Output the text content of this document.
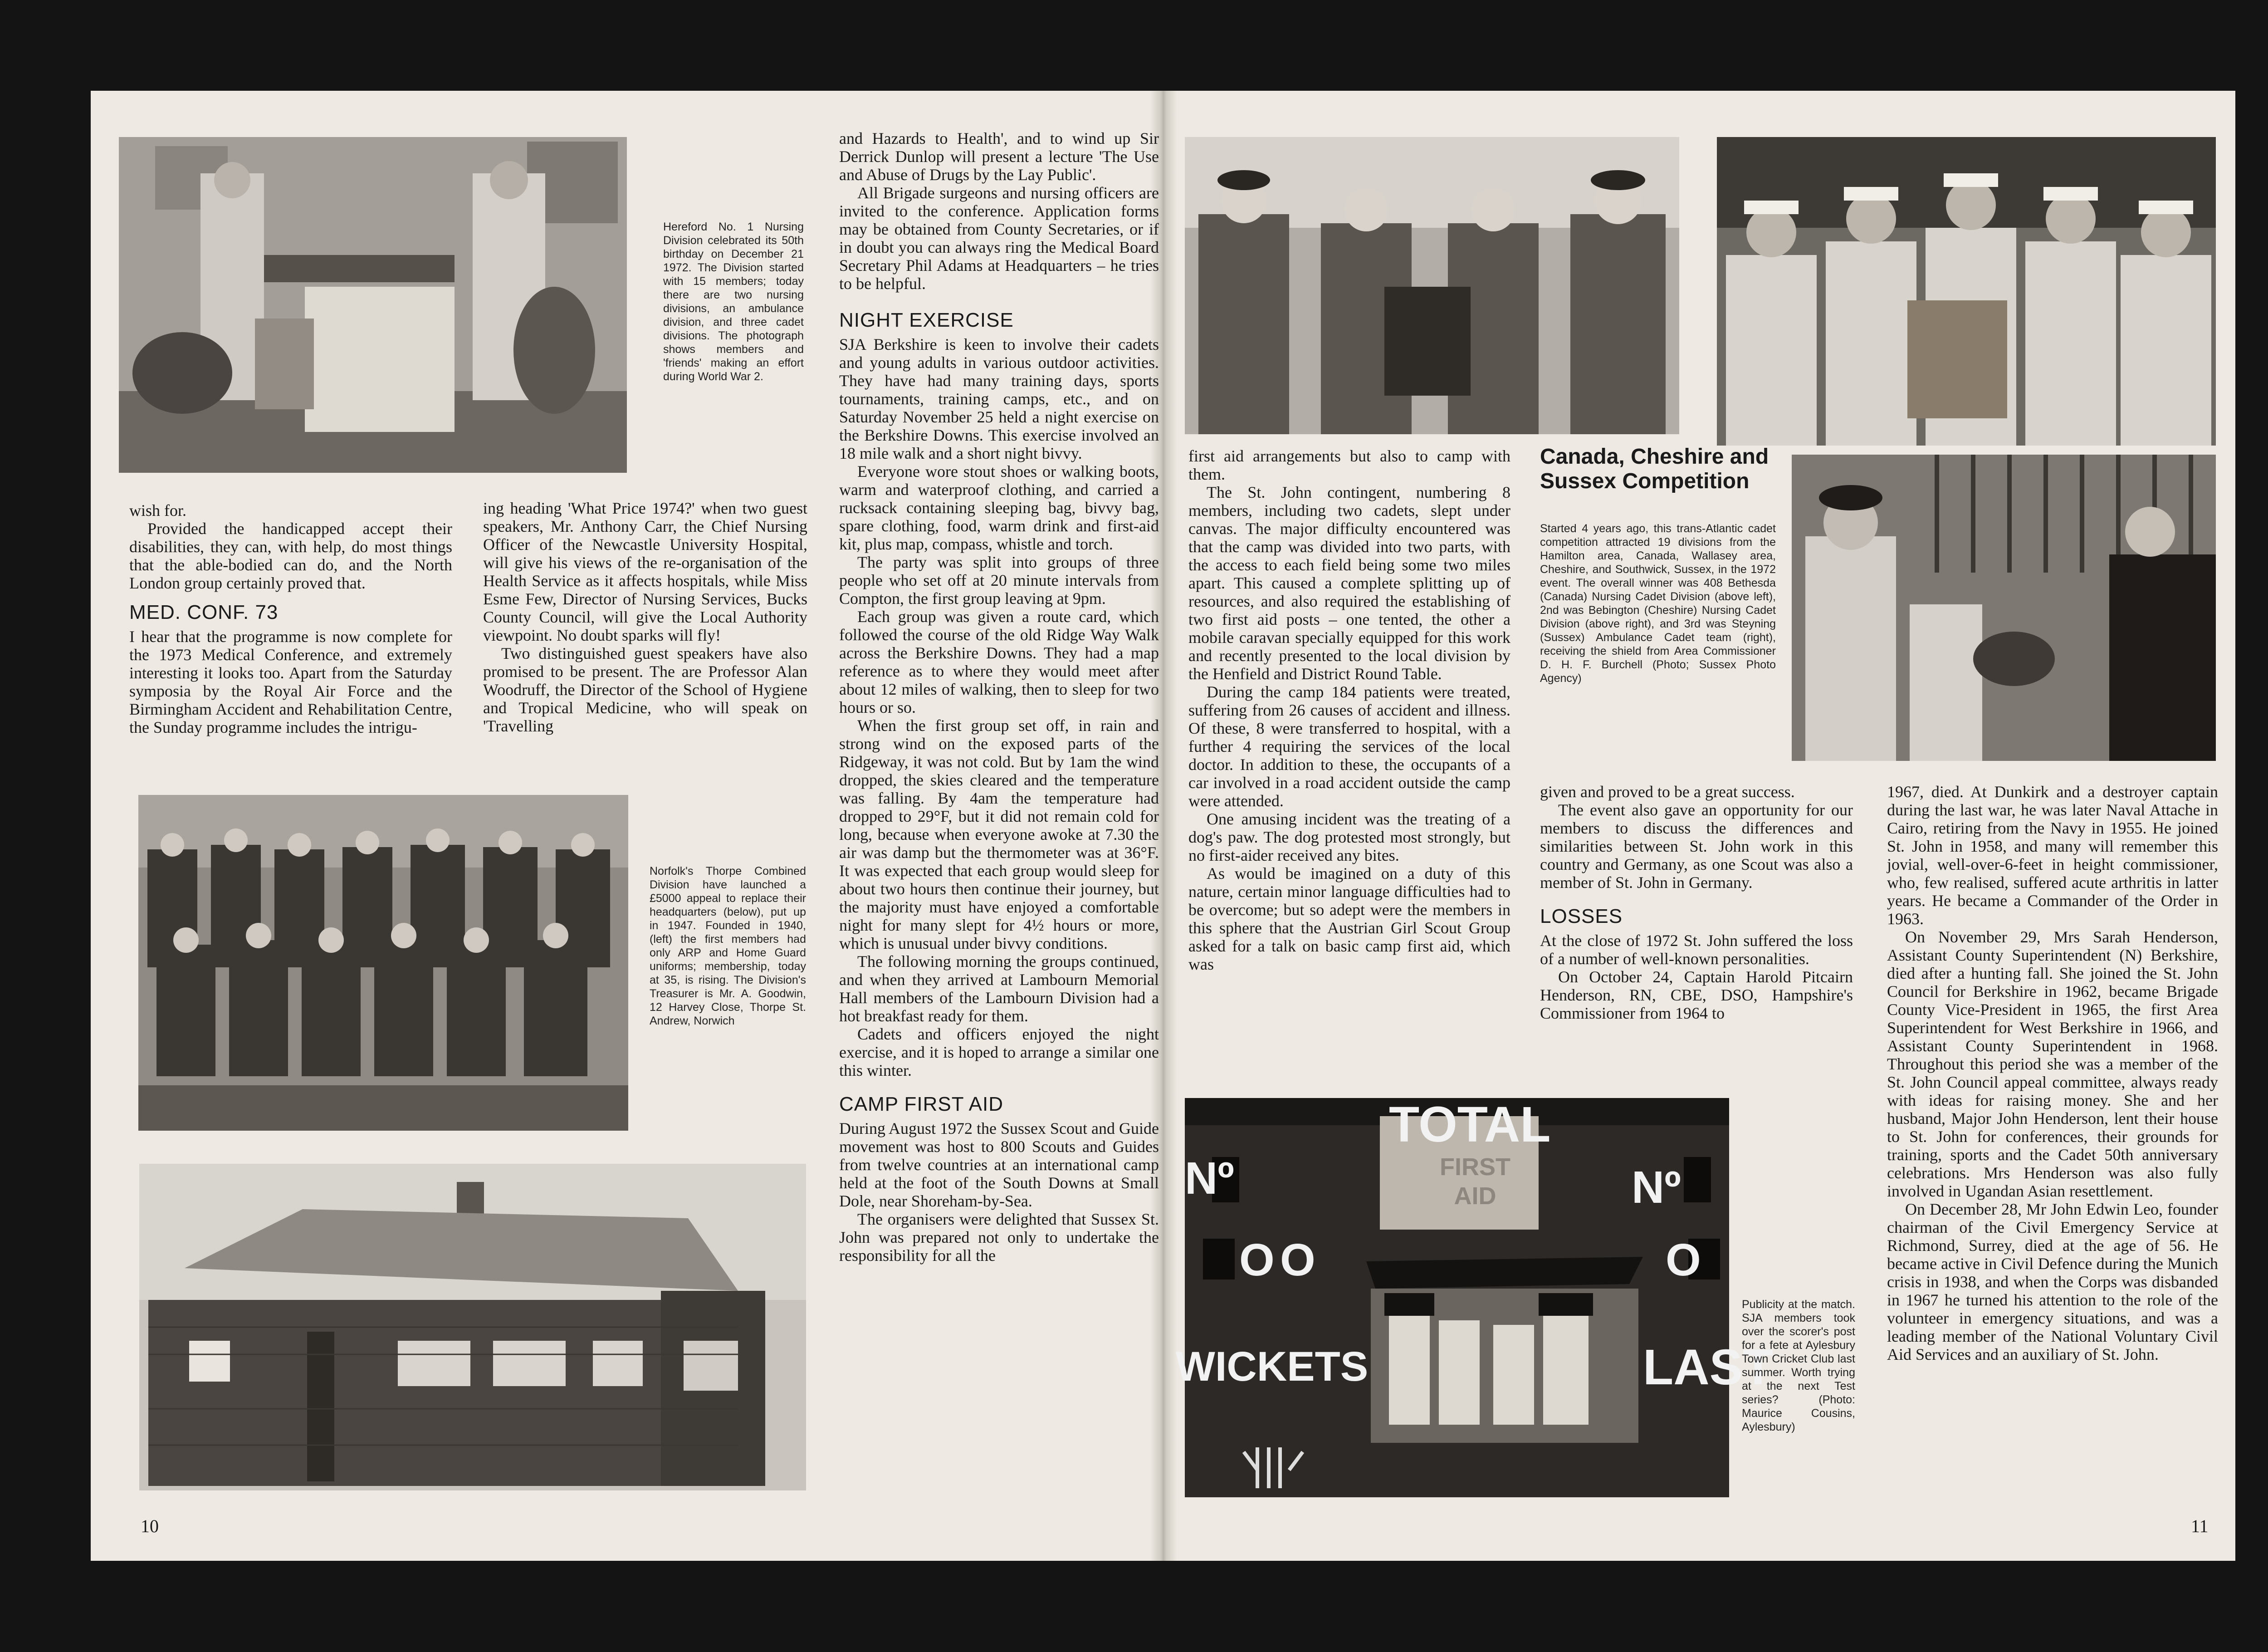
Hereford No. 1 Nursing Division celebrated its 50th birthday on December 21 1972. The Division started with 15 members; today there are two nursing divisions, an ambulance division, and three cadet divisions. The photograph shows members and 'friends' making an effort during World War 2.

wish for.

Provided the handicapped accept their disabilities, they can, with help, do most things that the able-bodied can do, and the North London group certainly proved that.

MED. CONF. 73

I hear that the programme is now complete for the 1973 Medical Conference, and extremely interesting it looks too. Apart from the Saturday symposia by the Royal Air Force and the Birmingham Accident and Rehabilitation Centre, the Sunday programme includes the intrigu-

ing heading 'What Price 1974?' when two guest speakers, Mr. Anthony Carr, the Chief Nursing Officer of the Newcastle University Hospital, will give his views of the re-organisation of the Health Service as it affects hospitals, while Miss Esme Few, Director of Nursing Services, Bucks County Council, will give the Local Authority viewpoint. No doubt sparks will fly!

Two distinguished guest speakers have also promised to be present. The are Professor Alan Woodruff, the Director of the School of Hygiene and Tropical Medicine, who will speak on 'Travelling

Norfolk's Thorpe Combined Division have launched a £5000 appeal to replace their headquarters (below), put up in 1947. Founded in 1940, (left) the first members had only ARP and Home Guard uniforms; membership, today at 35, is rising. The Division's Treasurer is Mr. A. Goodwin, 12 Harvey Close, Thorpe St. Andrew, Norwich

and Hazards to Health', and to wind up Sir Derrick Dunlop will present a lecture 'The Use and Abuse of Drugs by the Lay Public'.

All Brigade surgeons and nursing officers are invited to the conference. Application forms may be obtained from County Secretaries, or if in doubt you can always ring the Medical Board Secretary Phil Adams at Headquarters – he tries to be helpful.

NIGHT EXERCISE

SJA Berkshire is keen to involve their cadets and young adults in various outdoor activities. They have had many training days, sports tournaments, training camps, etc., and on Saturday November 25 held a night exercise on the Berkshire Downs. This exercise involved an 18 mile walk and a short night bivvy.

Everyone wore stout shoes or walking boots, warm and waterproof clothing, and carried a rucksack containing sleeping bag, bivvy bag, spare clothing, food, warm drink and first-aid kit, plus map, compass, whistle and torch.

The party was split into groups of three people who set off at 20 minute intervals from Compton, the first group leaving at 9pm.

Each group was given a route card, which followed the course of the old Ridge Way Walk across the Berkshire Downs. They had a map reference as to where they would meet after about 12 miles of walking, then to sleep for two hours or so.

When the first group set off, in rain and strong wind on the exposed parts of the Ridgeway, it was not cold. But by 1am the wind dropped, the skies cleared and the temperature was falling. By 4am the temperature had dropped to 29°F, but it did not remain cold for long, because when everyone awoke at 7.30 the air was damp but the thermometer was at 36°F. It was expected that each group would sleep for about two hours then continue their journey, but the majority must have enjoyed a comfortable night for many slept for 4½ hours or more, which is unusual under bivvy conditions.

The following morning the groups continued, and when they arrived at Lambourn Memorial Hall members of the Lambourn Division had a hot breakfast ready for them.

Cadets and officers enjoyed the night exercise, and it is hoped to arrange a similar one this winter.

CAMP FIRST AID

During August 1972 the Sussex Scout and Guide movement was host to 800 Scouts and Guides from twelve countries at an international camp held at the foot of the South Downs at Small Dole, near Shoreham-by-Sea.

The organisers were delighted that Sussex St. John was prepared not only to undertake the responsibility for all the

10
Canada, Cheshire and Sussex Competition
Started 4 years ago, this trans-Atlantic cadet competition attracted 19 divisions from the Hamilton area, Canada, Wallasey area, Cheshire, and Southwick, Sussex, in the 1972 event. The overall winner was 408 Bethesda (Canada) Nursing Cadet Division (above left), 2nd was Bebington (Cheshire) Nursing Cadet Division (above right), and 3rd was Steyning (Sussex) Ambulance Cadet team (right), receiving the shield from Area Commissioner D. H. F. Burchell (Photo; Sussex Photo Agency)

first aid arrangements but also to camp with them.

The St. John contingent, numbering 8 members, including two cadets, slept under canvas. The major difficulty encountered was that the camp was divided into two parts, with the access to each field being some two miles apart. This caused a complete splitting up of resources, and also required the establishing of two first aid posts – one tented, the other a mobile caravan specially equipped for this work and recently presented to the local division by the Henfield and District Round Table.

During the camp 184 patients were treated, suffering from 26 causes of accident and illness. Of these, 8 were transferred to hospital, with a further 4 requiring the services of the local doctor. In addition to these, the occupants of a car involved in a road accident outside the camp were attended.

One amusing incident was the treating of a dog's paw. The dog protested most strongly, but no first-aider received any bites.

As would be imagined on a duty of this nature, certain minor language difficulties had to be overcome; but so adept were the members in this sphere that the Austrian Girl Scout Group asked for a talk on basic camp first aid, which was

given and proved to be a great success.

The event also gave an opportunity for our members to discuss the differences and similarities between St. John work in this country and Germany, as one Scout was also a member of St. John in Germany.

LOSSES

At the close of 1972 St. John suffered the loss of a number of well-known personalities.

On October 24, Captain Harold Pitcairn Henderson, RN, CBE, DSO, Hampshire's Commissioner from 1964 to

1967, died. At Dunkirk and a destroyer captain during the last war, he was later Naval Attache in Cairo, retiring from the Navy in 1955. He joined St. John in 1958, and many will remember this jovial, well-over-6-feet in height commissioner, who, few realised, suffered acute arthritis in latter years. He became a Commander of the Order in 1963.

On November 29, Mrs Sarah Henderson, Assistant County Superintendent (N) Berkshire, died after a hunting fall. She joined the St. John Council for Berkshire in 1962, became Brigade County Vice-President in 1965, the first Area Superintendent for West Berkshire in 1966, and Assistant County Superintendent in 1968. Throughout this period she was a member of the St. John Council appeal committee, always ready with ideas for raising money. She and her husband, Major John Henderson, lent their house to St. John for conferences, their grounds for training, sports and the Cadet 50th anniversary celebrations. Mrs Henderson was also fully involved in Ugandan Asian resettlement.

On December 28, Mr John Edwin Leo, founder chairman of the Civil Emergency Service at Richmond, Surrey, died at the age of 56. He became active in Civil Defence during the Munich crisis in 1938, and when the Corps was disbanded in 1967 he turned his attention to the role of the volunteer in emergency situations, and was a leading member of the National Voluntary Civil Aid Services and an auxiliary of St. John.

TOTAL
FIRST AID
Nº	Nº
O O	O
WICKETS	LAST
Publicity at the match. SJA members took over the scorer's post for a fete at Aylesbury Town Cricket Club last summer. Worth trying at the next Test series? (Photo: Maurice Cousins, Aylesbury)
11
